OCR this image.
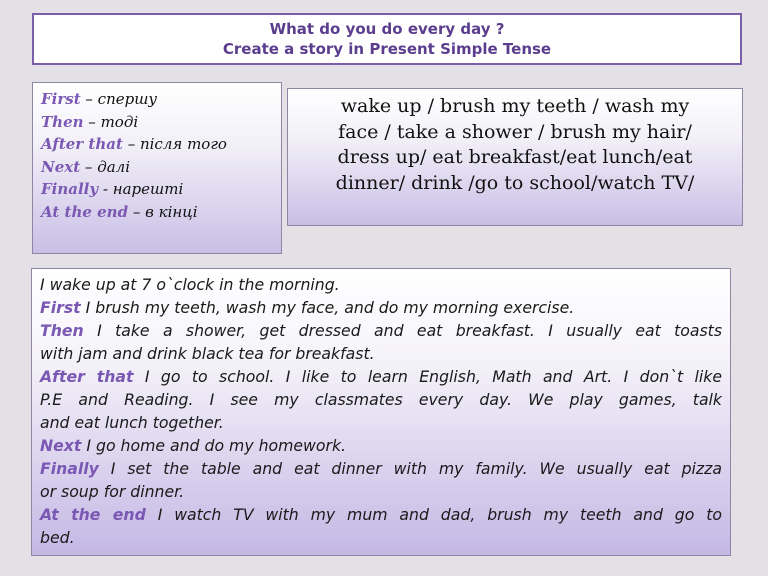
What do you do every day ?
Create a story in Present Simple Tense
First – спершу
Then – тоді
After that – після того
Next – далі
Finally - нарешті
At the end – в кінці
wake up / brush my teeth / wash my
face / take a shower / brush my hair/
dress up/ eat breakfast/eat lunch/eat
dinner/ drink /go to school/watch TV/
I wake up at 7 o`clock in the morning.
First I brush my teeth, wash my face, and do my morning exercise.
Then I take a shower, get dressed and eat breakfast. I usually eat toasts
with jam and drink black tea for breakfast.
After that I go to school. I like to learn English, Math and Art. I don`t like
P.E and Reading. I see my classmates every day. We play games, talk
and eat lunch together.
Next I go home and do my homework.
Finally I set the table and eat dinner with my family. We usually eat pizza
or soup for dinner.
At the end I watch TV with my mum and dad, brush my teeth and go to
bed.
